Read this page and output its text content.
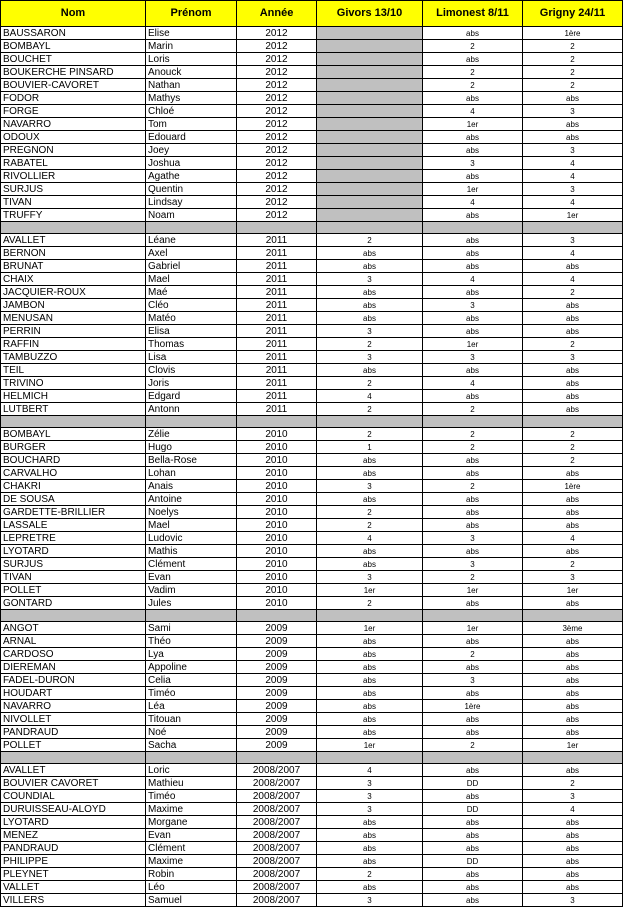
Nom	Prénom	Année	Givors 13/10	Limonest 8/11	Grigny 24/11
BAUSSARON	Elise	2012		abs	1ère
BOMBAYL	Marin	2012		2	2
BOUCHET	Loris	2012		abs	2
BOUKERCHE PINSARD	Anouck	2012		2	2
BOUVIER-CAVORET	Nathan	2012		2	2
FODOR	Mathys	2012		abs	abs
FORGE	Chloé	2012		4	3
NAVARRO	Tom	2012		1er	abs
ODOUX	Edouard	2012		abs	abs
PREGNON	Joey	2012		abs	3
RABATEL	Joshua	2012		3	4
RIVOLLIER	Agathe	2012		abs	4
SURJUS	Quentin	2012		1er	3
TIVAN	Lindsay	2012		4	4
TRUFFY	Noam	2012		abs	1er

AVALLET	Léane	2011	2	abs	3
BERNON	Axel	2011	abs	abs	4
BRUNAT	Gabriel	2011	abs	abs	abs
CHAIX	Mael	2011	3	4	4
JACQUIER-ROUX	Maé	2011	abs	abs	2
JAMBON	Cléo	2011	abs	3	abs
MENUSAN	Matéo	2011	abs	abs	abs
PERRIN	Elisa	2011	3	abs	abs
RAFFIN	Thomas	2011	2	1er	2
TAMBUZZO	Lisa	2011	3	3	3
TEIL	Clovis	2011	abs	abs	abs
TRIVINO	Joris	2011	2	4	abs
HELMICH	Edgard	2011	4	abs	abs
LUTBERT	Antonn	2011	2	2	abs

BOMBAYL	Zélie	2010	2	2	2
BURGER	Hugo	2010	1	2	2
BOUCHARD	Bella-Rose	2010	abs	abs	2
CARVALHO	Lohan	2010	abs	abs	abs
CHAKRI	Anais	2010	3	2	1ère
DE SOUSA	Antoine	2010	abs	abs	abs
GARDETTE-BRILLIER	Noelys	2010	2	abs	abs
LASSALE	Mael	2010	2	abs	abs
LEPRETRE	Ludovic	2010	4	3	4
LYOTARD	Mathis	2010	abs	abs	abs
SURJUS	Clément	2010	abs	3	2
TIVAN	Evan	2010	3	2	3
POLLET	Vadim	2010	1er	1er	1er
GONTARD	Jules	2010	2	abs	abs

ANGOT	Sami	2009	1er	1er	3ème
ARNAL	Théo	2009	abs	abs	abs
CARDOSO	Lya	2009	abs	2	abs
DIEREMAN	Appoline	2009	abs	abs	abs
FADEL-DURON	Celia	2009	abs	3	abs
HOUDART	Timéo	2009	abs	abs	abs
NAVARRO	Léa	2009	abs	1ère	abs
NIVOLLET	Titouan	2009	abs	abs	abs
PANDRAUD	Noé	2009	abs	abs	abs
POLLET	Sacha	2009	1er	2	1er

AVALLET	Loric	2008/2007	4	abs	abs
BOUVIER CAVORET	Mathieu	2008/2007	3	DD	2
COUNDIAL	Timéo	2008/2007	3	abs	3
DURUISSEAU-ALOYD	Maxime	2008/2007	3	DD	4
LYOTARD	Morgane	2008/2007	abs	abs	abs
MENEZ	Evan	2008/2007	abs	abs	abs
PANDRAUD	Clément	2008/2007	abs	abs	abs
PHILIPPE	Maxime	2008/2007	abs	DD	abs
PLEYNET	Robin	2008/2007	2	abs	abs
VALLET	Léo	2008/2007	abs	abs	abs
VILLERS	Samuel	2008/2007	3	abs	3
